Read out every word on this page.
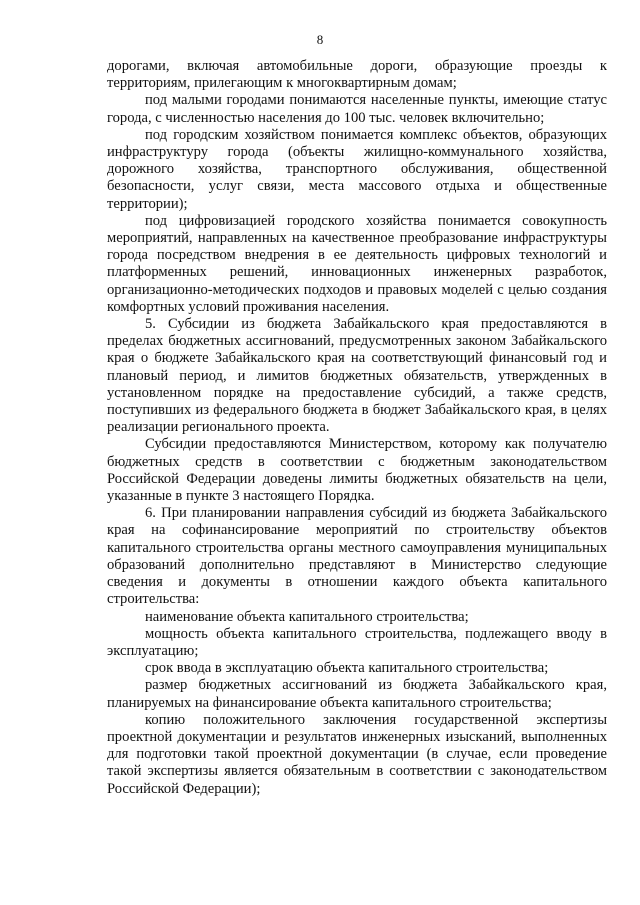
8

дорогами, включая автомобильные дороги, образующие проезды к территориям, прилегающим к многоквартирным домам;

под малыми городами понимаются населенные пункты, имеющие статус города, с численностью населения до 100 тыс. человек включительно;

под городским хозяйством понимается комплекс объектов, образующих инфраструктуру города (объекты жилищно-коммунального хозяйства, дорожного хозяйства, транспортного обслуживания, общественной безопасности, услуг связи, места массового отдыха и общественные территории);

под цифровизацией городского хозяйства понимается совокупность мероприятий, направленных на качественное преобразование инфраструктуры города посредством внедрения в ее деятельность цифровых технологий и платформенных решений, инновационных инженерных разработок, организационно-методических подходов и правовых моделей с целью создания комфортных условий проживания населения.

5. Субсидии из бюджета Забайкальского края предоставляются в пределах бюджетных ассигнований, предусмотренных законом Забайкальского края о бюджете Забайкальского края на соответствующий финансовый год и плановый период, и лимитов бюджетных обязательств, утвержденных в установленном порядке на предоставление субсидий, а также средств, поступивших из федерального бюджета в бюджет Забайкальского края, в целях реализации регионального проекта.

Субсидии предоставляются Министерством, которому как получателю бюджетных средств в соответствии с бюджетным законодательством Российской Федерации доведены лимиты бюджетных обязательств на цели, указанные в пункте 3 настоящего Порядка.

6. При планировании направления субсидий из бюджета Забайкальского края на софинансирование мероприятий по строительству объектов капитального строительства органы местного самоуправления муниципальных образований дополнительно представляют в Министерство следующие сведения и документы в отношении каждого объекта капитального строительства:

наименование объекта капитального строительства;

мощность объекта капитального строительства, подлежащего вводу в эксплуатацию;

срок ввода в эксплуатацию объекта капитального строительства;

размер бюджетных ассигнований из бюджета Забайкальского края, планируемых на финансирование объекта капитального строительства;

копию положительного заключения государственной экспертизы проектной документации и результатов инженерных изысканий, выполненных для подготовки такой проектной документации (в случае, если проведение такой экспертизы является обязательным в соответствии с законодательством Российской Федерации);
